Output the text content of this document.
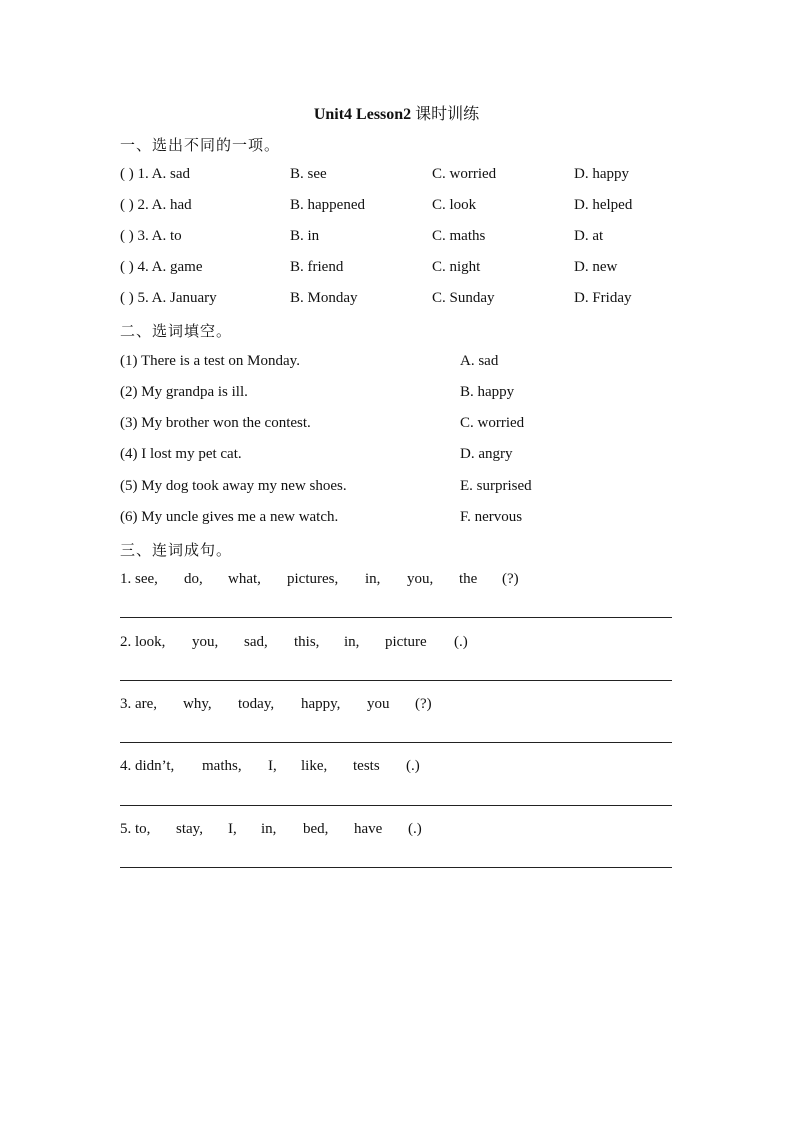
Unit4 Lesson2 课时训练
一、选出不同的一项。
( ) 1. A. sad	B. see	C. worried	D. happy
( ) 2. A. had	B. happened	C. look	D. helped
( ) 3. A. to	B. in	C. maths	D. at
( ) 4. A. game	B. friend	C. night	D. new
( ) 5. A. January	B. Monday	C. Sunday	D. Friday
二、选词填空。
(1) There is a test on Monday.	A. sad
(2) My grandpa is ill.	B. happy
(3) My brother won the contest.	C. worried
(4) I lost my pet cat.	D. angry
(5) My dog took away my new shoes.	E. surprised
(6) My uncle gives me a new watch.	F. nervous
三、连词成句。
1. see, do, what, pictures, in, you, the (?)
2. look, you, sad, this, in, picture (.)
3. are, why, today, happy, you (?)
4. didn’t, maths, I, like, tests (.)
5. to, stay, I, in, bed, have (.)
